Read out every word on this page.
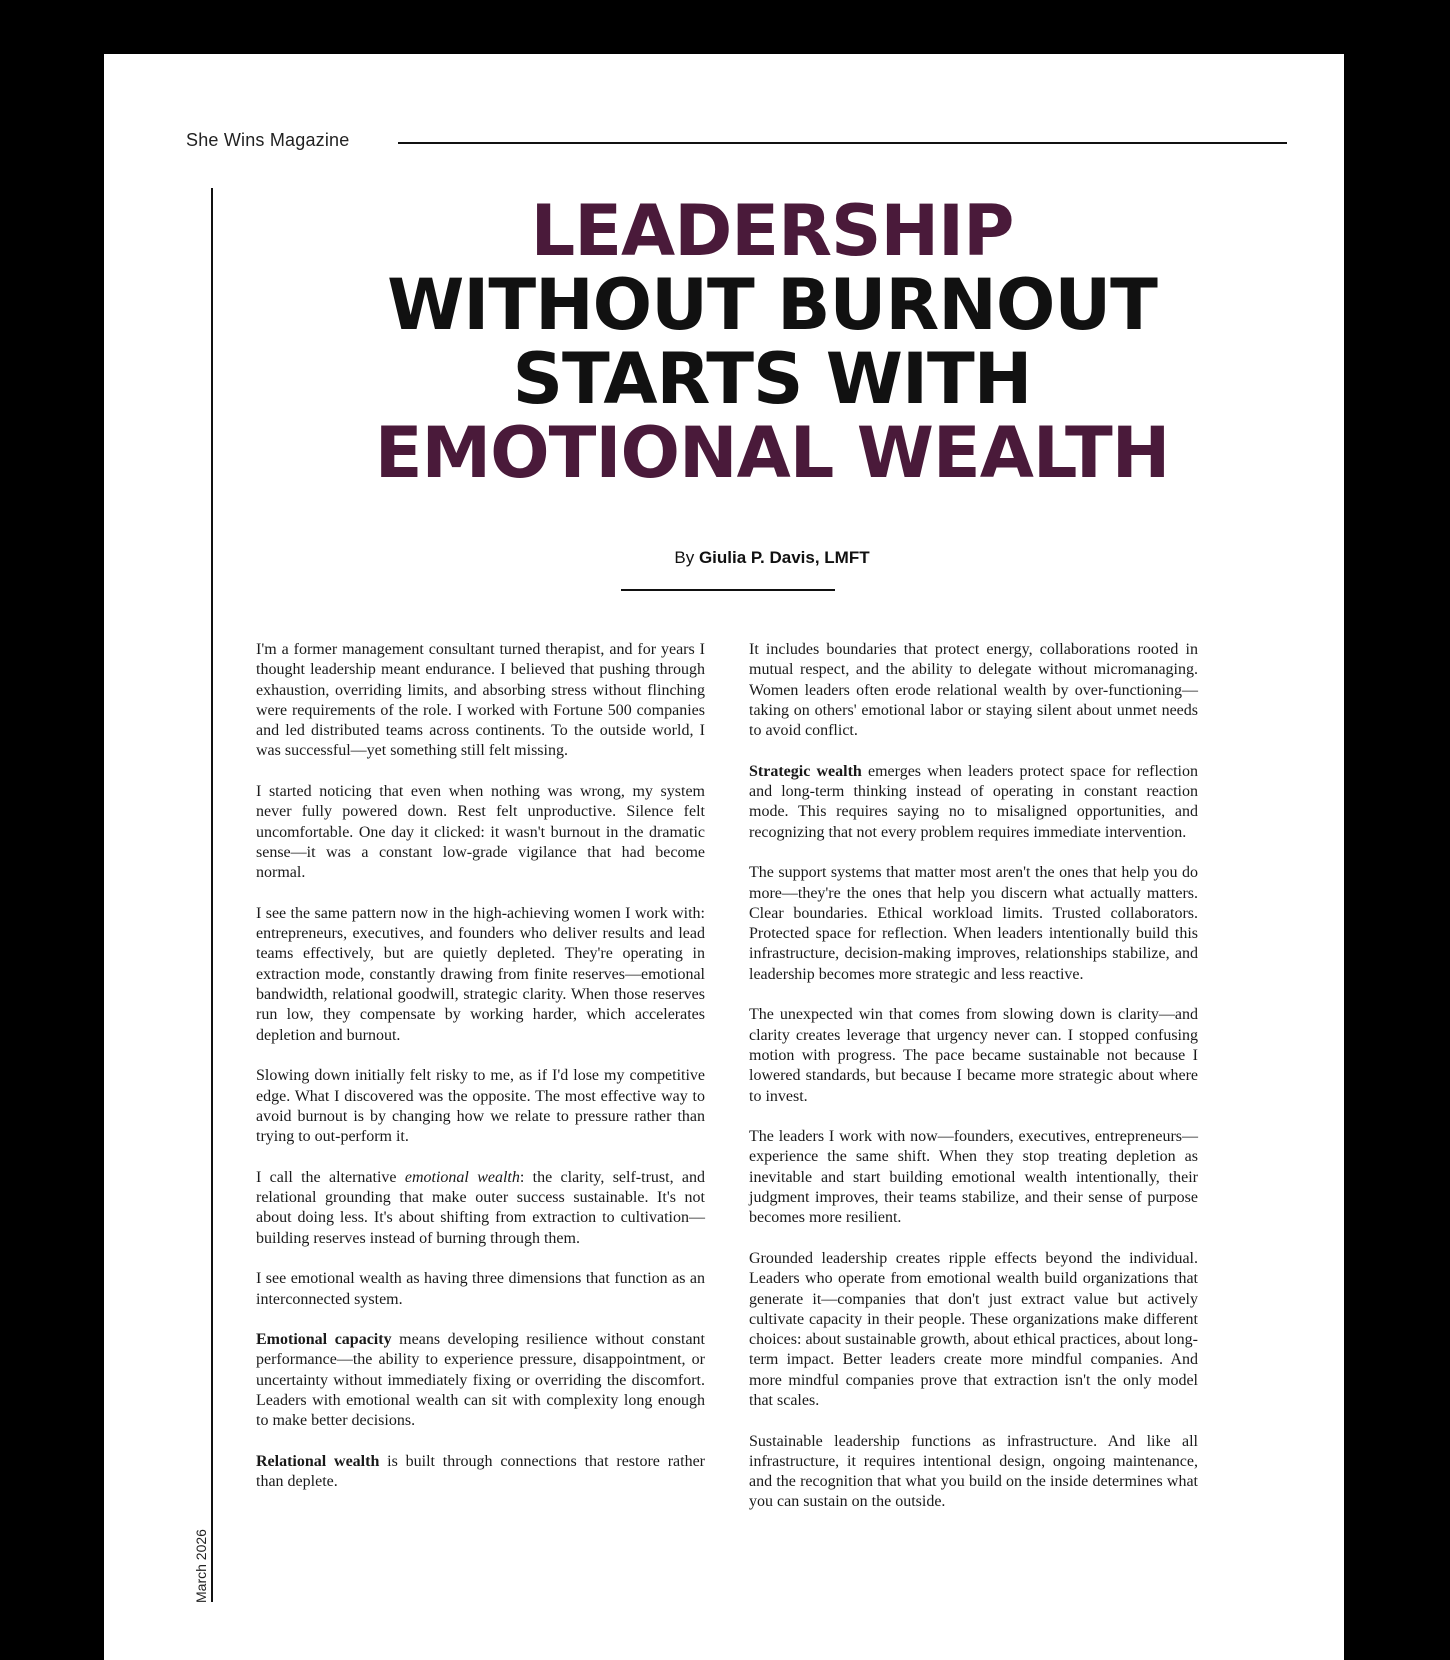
She Wins Magazine
March 2026
LEADERSHIP
WITHOUT BURNOUT
STARTS WITH
EMOTIONAL WEALTH
By Giulia P. Davis, LMFT

I'm a former management consultant turned therapist, and for years I thought leadership meant endurance. I believed that pushing through exhaustion, overriding limits, and absorbing stress without flinching were requirements of the role. I worked with Fortune 500 companies and led distributed teams across continents. To the outside world, I was successful—yet something still felt missing.

I started noticing that even when nothing was wrong, my system never fully powered down. Rest felt unproductive. Silence felt uncomfortable. One day it clicked: it wasn't burnout in the dramatic sense—it was a constant low-grade vigilance that had become normal.

I see the same pattern now in the high-achieving women I work with: entrepreneurs, executives, and founders who deliver results and lead teams effectively, but are quietly depleted. They're operating in extraction mode, constantly drawing from finite reserves—emotional bandwidth, relational goodwill, strategic clarity. When those reserves run low, they compensate by working harder, which accelerates depletion and burnout.

Slowing down initially felt risky to me, as if I'd lose my competitive edge. What I discovered was the opposite. The most effective way to avoid burnout is by changing how we relate to pressure rather than trying to out-perform it.

I call the alternative emotional wealth: the clarity, self-trust, and relational grounding that make outer success sustainable. It's not about doing less. It's about shifting from extraction to cultivation—building reserves instead of burning through them.

I see emotional wealth as having three dimensions that function as an interconnected system.

Emotional capacity means developing resilience without constant performance—the ability to experience pressure, disappointment, or uncertainty without immediately fixing or overriding the discomfort. Leaders with emotional wealth can sit with complexity long enough to make better decisions.

Relational wealth is built through connections that restore rather than deplete.

It includes boundaries that protect energy, collaborations rooted in mutual respect, and the ability to delegate without micromanaging. Women leaders often erode relational wealth by over-functioning—taking on others' emotional labor or staying silent about unmet needs to avoid conflict.

Strategic wealth emerges when leaders protect space for reflection and long-term thinking instead of operating in constant reaction mode. This requires saying no to misaligned opportunities, and recognizing that not every problem requires immediate intervention.

The support systems that matter most aren't the ones that help you do more—they're the ones that help you discern what actually matters. Clear boundaries. Ethical workload limits. Trusted collaborators. Protected space for reflection. When leaders intentionally build this infrastructure, decision-making improves, relationships stabilize, and leadership becomes more strategic and less reactive.

The unexpected win that comes from slowing down is clarity—and clarity creates leverage that urgency never can. I stopped confusing motion with progress. The pace became sustainable not because I lowered standards, but because I became more strategic about where to invest.

The leaders I work with now—founders, executives, entrepreneurs—experience the same shift. When they stop treating depletion as inevitable and start building emotional wealth intentionally, their judgment improves, their teams stabilize, and their sense of purpose becomes more resilient.

Grounded leadership creates ripple effects beyond the individual. Leaders who operate from emotional wealth build organizations that generate it—companies that don't just extract value but actively cultivate capacity in their people. These organizations make different choices: about sustainable growth, about ethical practices, about long-term impact. Better leaders create more mindful companies. And more mindful companies prove that extraction isn't the only model that scales.

Sustainable leadership functions as infrastructure. And like all infrastructure, it requires intentional design, ongoing maintenance, and the recognition that what you build on the inside determines what you can sustain on the outside.
